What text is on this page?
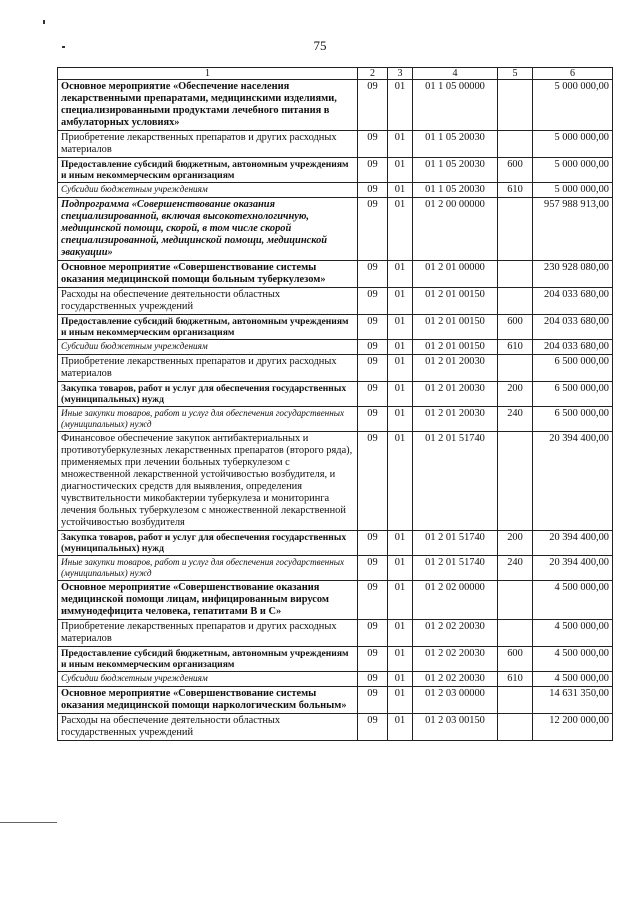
75
1	2	3	4	5	6
Основное мероприятие «Обеспечение населения лекарственными препаратами, медицинскими изделиями, специализированными продуктами лечебного питания в амбулаторных условиях»	09	01	01 1 05 00000		5 000 000,00
Приобретение лекарственных препаратов и других расходных материалов	09	01	01 1 05 20030		5 000 000,00
Предоставление субсидий бюджетным, автономным учреждениям и иным некоммерческим организациям	09	01	01 1 05 20030	600	5 000 000,00
Субсидии бюджетным учреждениям	09	01	01 1 05 20030	610	5 000 000,00
Подпрограмма «Совершенствование оказания специализированной, включая высокотехнологичную, медицинской помощи, скорой, в том числе скорой специализированной, медицинской помощи, медицинской эвакуации»	09	01	01 2 00 00000		957 988 913,00
Основное мероприятие «Совершенствование системы оказания медицинской помощи больным туберкулезом»	09	01	01 2 01 00000		230 928 080,00
Расходы на обеспечение деятельности областных государственных учреждений	09	01	01 2 01 00150		204 033 680,00
Предоставление субсидий бюджетным, автономным учреждениям и иным некоммерческим организациям	09	01	01 2 01 00150	600	204 033 680,00
Субсидии бюджетным учреждениям	09	01	01 2 01 00150	610	204 033 680,00
Приобретение лекарственных препаратов и других расходных материалов	09	01	01 2 01 20030		6 500 000,00
Закупка товаров, работ и услуг для обеспечения государственных (муниципальных) нужд	09	01	01 2 01 20030	200	6 500 000,00
Иные закупки товаров, работ и услуг для обеспечения государственных (муниципальных) нужд	09	01	01 2 01 20030	240	6 500 000,00
Финансовое обеспечение закупок антибактериальных и противотуберкулезных лекарственных препаратов (второго ряда), применяемых при лечении больных туберкулезом с множественной лекарственной устойчивостью возбудителя, и диагностических средств для выявления, определения чувствительности микобактерии туберкулеза и мониторинга лечения больных туберкулезом с множественной лекарственной устойчивостью возбудителя	09	01	01 2 01 51740		20 394 400,00
Закупка товаров, работ и услуг для обеспечения государственных (муниципальных) нужд	09	01	01 2 01 51740	200	20 394 400,00
Иные закупки товаров, работ и услуг для обеспечения государственных (муниципальных) нужд	09	01	01 2 01 51740	240	20 394 400,00
Основное мероприятие «Совершенствование оказания медицинской помощи лицам, инфицированным вирусом иммунодефицита человека, гепатитами В и С»	09	01	01 2 02 00000		4 500 000,00
Приобретение лекарственных препаратов и других расходных материалов	09	01	01 2 02 20030		4 500 000,00
Предоставление субсидий бюджетным, автономным учреждениям и иным некоммерческим организациям	09	01	01 2 02 20030	600	4 500 000,00
Субсидии бюджетным учреждениям	09	01	01 2 02 20030	610	4 500 000,00
Основное мероприятие «Совершенствование системы оказания медицинской помощи наркологическим больным»	09	01	01 2 03 00000		14 631 350,00
Расходы на обеспечение деятельности областных государственных учреждений	09	01	01 2 03 00150		12 200 000,00
